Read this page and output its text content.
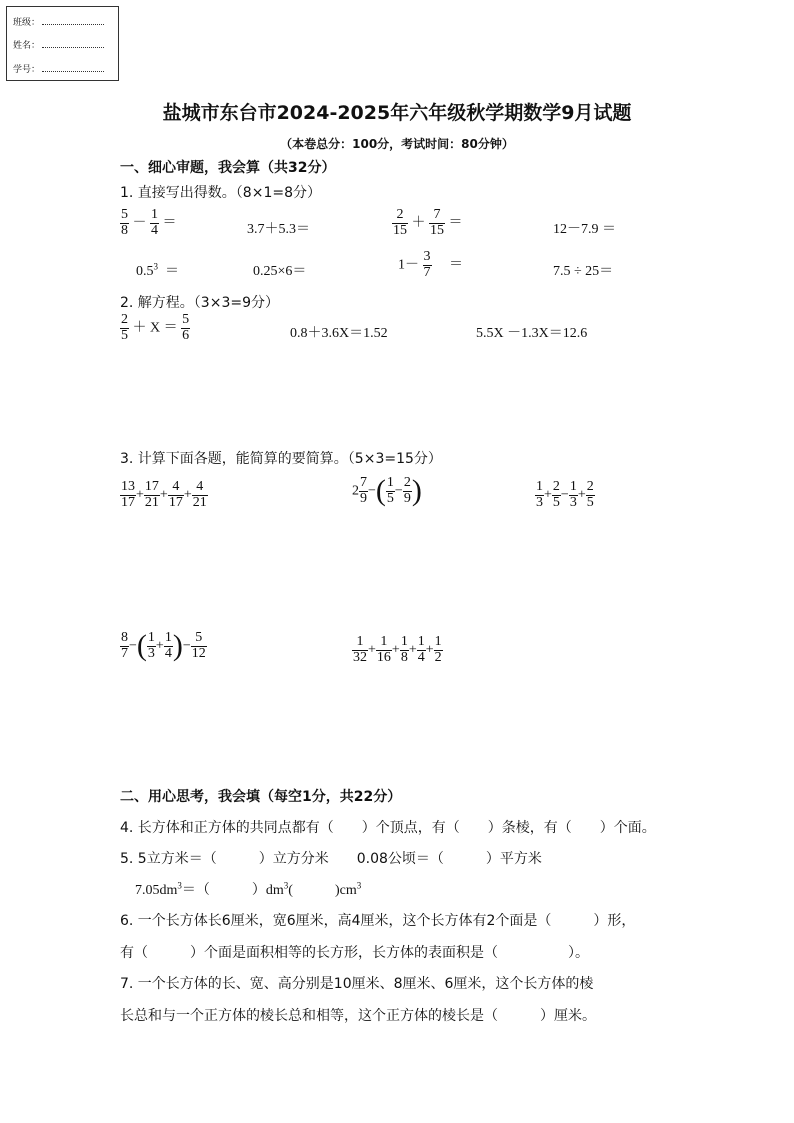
班级：
姓名：
学号：
盐城市东台市2024-2025年六年级秋学期数学9月试题
（本卷总分：100分，考试时间：80分钟）
一、细心审题，我会算（共32分）
1. 直接写出得数。（8×1=8分）
$\frac{5}{8} - \frac{1}{4}$ ＝	3.7＋5.3＝	$\frac{2}{15} + \frac{7}{15}$ ＝	12－7.9 ＝
$0.5^3$ ＝	0.25×6＝	$1- \frac{3}{7}$ ＝	7.5 ÷ 25＝
2. 解方程。（3×3=9分）
$\frac{2}{5} + X = \frac{5}{6}$	0.8＋3.6X＝1.52	5.5X －1.3X＝12.6
3. 计算下面各题，能简算的要简算。（5×3=15分）
$\frac{13}{17} + \frac{17}{21} + \frac{4}{17} + \frac{4}{21}$	$2 \frac{7}{9}$ −( $\frac{1}{5} - \frac{2}{9}$ )	$\frac{1}{3} + \frac{2}{5} - \frac{1}{3} + \frac{2}{5}$
$\frac{8}{7}$ −( $\frac{1}{3} + \frac{1}{4}$ )− $\frac{5}{12}$	$\frac{1}{32} + \frac{1}{16} + \frac{1}{8} + \frac{1}{4} + \frac{1}{2}$
二、用心思考，我会填（每空1分，共22分）
4. 长方体和正方体的共同点都有（　　）个顶点，有（　　）条棱，有（　　）个面。
5. 5立方米＝（　　　）立方分米　　0.08公顷＝（　　　）平方米
$7.05dm^3=$（　　　）$dm^3$(　　　)$cm^3$
6. 一个长方体长6厘米，宽6厘米，高4厘米，这个长方体有2个面是（　　　）形，
有（　　　）个面是面积相等的长方形，长方体的表面积是（　　　　　）。
7. 一个长方体的长、宽、高分别是10厘米、8厘米、6厘米，这个长方体的棱
长总和与一个正方体的棱长总和相等，这个正方体的棱长是（　　　）厘米。
